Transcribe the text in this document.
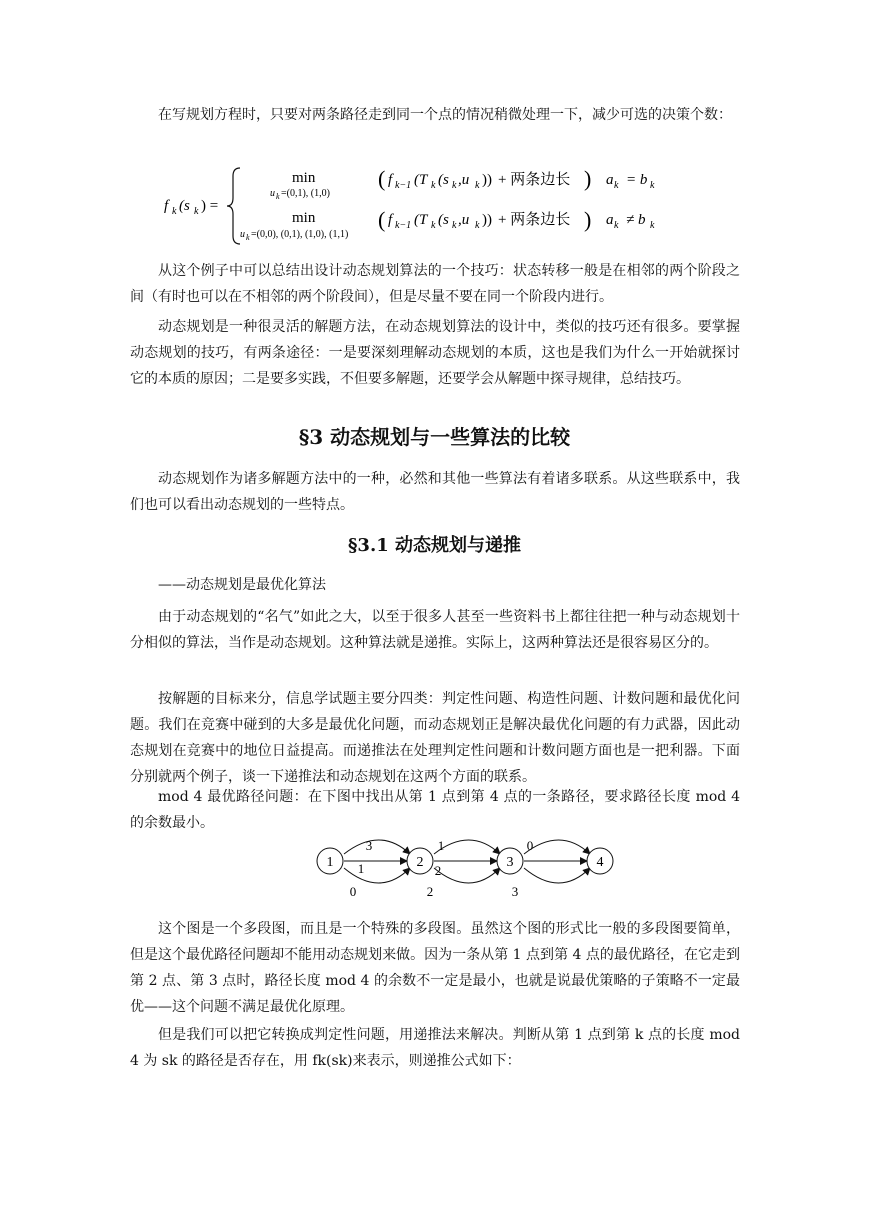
在写规划方程时，只要对两条路径走到同一个点的情况稍微处理一下，减少可选的决策个数：

f k (s k ) =
min
u k =(0,1), (1,0)
( f k−1 (T k (s k ,u k )) + 两条边长 ) a k = b k
min
u k =(0,0), (0,1), (1,0), (1,1)
( f k−1 (T k (s k ,u k )) + 两条边长 ) a k ≠ b k

从这个例子中可以总结出设计动态规划算法的一个技巧：状态转移一般是在相邻的两个阶段之间（有时也可以在不相邻的两个阶段间），但是尽量不要在同一个阶段内进行。

动态规划是一种很灵活的解题方法，在动态规划算法的设计中，类似的技巧还有很多。要掌握动态规划的技巧，有两条途径：一是要深刻理解动态规划的本质，这也是我们为什么一开始就探讨它的本质的原因；二是要多实践，不但要多解题，还要学会从解题中探寻规律，总结技巧。

§3 动态规划与一些算法的比较

动态规划作为诸多解题方法中的一种，必然和其他一些算法有着诸多联系。从这些联系中，我们也可以看出动态规划的一些特点。

§3.1 动态规划与递推

——动态规划是最优化算法

由于动态规划的“名气”如此之大，以至于很多人甚至一些资料书上都往往把一种与动态规划十分相似的算法，当作是动态规划。这种算法就是递推。实际上，这两种算法还是很容易区分的。

按解题的目标来分，信息学试题主要分四类：判定性问题、构造性问题、计数问题和最优化问题。我们在竞赛中碰到的大多是最优化问题，而动态规划正是解决最优化问题的有力武器，因此动态规划在竞赛中的地位日益提高。而递推法在处理判定性问题和计数问题方面也是一把利器。下面分别就两个例子，谈一下递推法和动态规划在这两个方面的联系。

mod 4 最优路径问题：在下图中找出从第 1 点到第 4 点的一条路径，要求路径长度 mod 4 的余数最小。

1	2	3	4
3	1	0
1	2
0	2	3

这个图是一个多段图，而且是一个特殊的多段图。虽然这个图的形式比一般的多段图要简单，但是这个最优路径问题却不能用动态规划来做。因为一条从第 1 点到第 4 点的最优路径，在它走到第 2 点、第 3 点时，路径长度 mod 4 的余数不一定是最小，也就是说最优策略的子策略不一定最优——这个问题不满足最优化原理。

但是我们可以把它转换成判定性问题，用递推法来解决。判断从第 1 点到第 k 点的长度 mod 4 为 sk 的路径是否存在，用 fk(sk)来表示，则递推公式如下：
